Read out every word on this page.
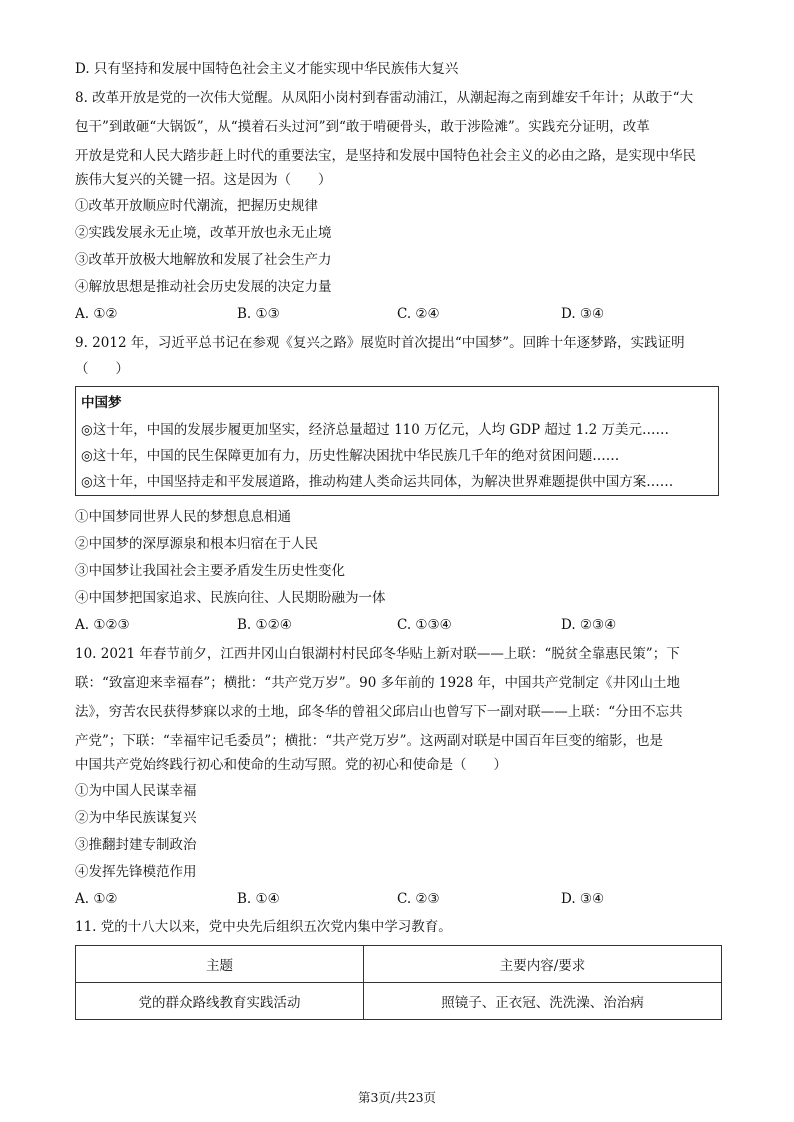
D. 只有坚持和发展中国特色社会主义才能实现中华民族伟大复兴
8. 改革开放是党的一次伟大觉醒。从凤阳小岗村到春雷动浦江，从潮起海之南到雄安千年计；从敢于“大
包干”到敢砸“大锅饭”，从“摸着石头过河”到“敢于啃硬骨头，敢于涉险滩”。实践充分证明，改革
开放是党和人民大踏步赶上时代的重要法宝，是坚持和发展中国特色社会主义的必由之路，是实现中华民
族伟大复兴的关键一招。这是因为（　　）
①改革开放顺应时代潮流，把握历史规律
②实践发展永无止境，改革开放也永无止境
③改革开放极大地解放和发展了社会生产力
④解放思想是推动社会历史发展的决定力量
A. ①②	B. ①③	C. ②④	D. ③④
9. 2012 年，习近平总书记在参观《复兴之路》展览时首次提出“中国梦”。回眸十年逐梦路，实践证明
（　　）
中国梦
◎这十年，中国的发展步履更加坚实，经济总量超过 110 万亿元，人均 GDP 超过 1.2 万美元……
◎这十年，中国的民生保障更加有力，历史性解决困扰中华民族几千年的绝对贫困问题……
◎这十年，中国坚持走和平发展道路，推动构建人类命运共同体，为解决世界难题提供中国方案……
①中国梦同世界人民的梦想息息相通
②中国梦的深厚源泉和根本归宿在于人民
③中国梦让我国社会主要矛盾发生历史性变化
④中国梦把国家追求、民族向往、人民期盼融为一体
A. ①②③	B. ①②④	C. ①③④	D. ②③④
10. 2021 年春节前夕，江西井冈山白银湖村村民邱冬华贴上新对联——上联：“脱贫全靠惠民策”；下
联：“致富迎来幸福春”；横批：“共产党万岁”。90 多年前的 1928 年，中国共产党制定《井冈山土地
法》，穷苦农民获得梦寐以求的土地，邱冬华的曾祖父邱启山也曾写下一副对联——上联：“分田不忘共
产党”；下联：“幸福牢记毛委员”；横批：“共产党万岁”。这两副对联是中国百年巨变的缩影，也是
中国共产党始终践行初心和使命的生动写照。党的初心和使命是（　　）
①为中国人民谋幸福
②为中华民族谋复兴
③推翻封建专制政治
④发挥先锋模范作用
A. ①②	B. ①④	C. ②③	D. ③④
11. 党的十八大以来，党中央先后组织五次党内集中学习教育。
主题	主要内容/要求
党的群众路线教育实践活动	照镜子、正衣冠、洗洗澡、治治病
第3页/共23页
